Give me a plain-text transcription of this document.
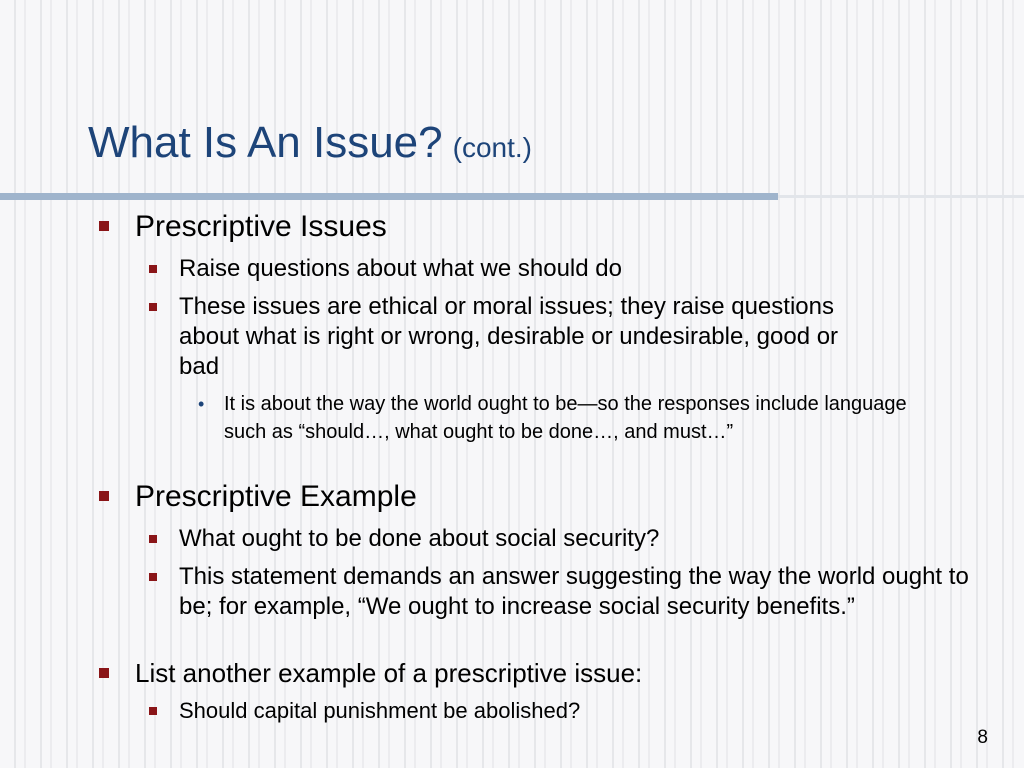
What Is An Issue? (cont.)
Prescriptive Issues
Raise questions about what we should do
These issues are ethical or moral issues; they raise questions about what is right or wrong, desirable or undesirable, good or bad
• It is about the way the world ought to be—so the responses include language such as “should…, what ought to be done…, and must…”
Prescriptive Example
What ought to be done about social security?
This statement demands an answer suggesting the way the world ought to be; for example, “We ought to increase social security benefits.”
List another example of a prescriptive issue:
Should capital punishment be abolished?
8
